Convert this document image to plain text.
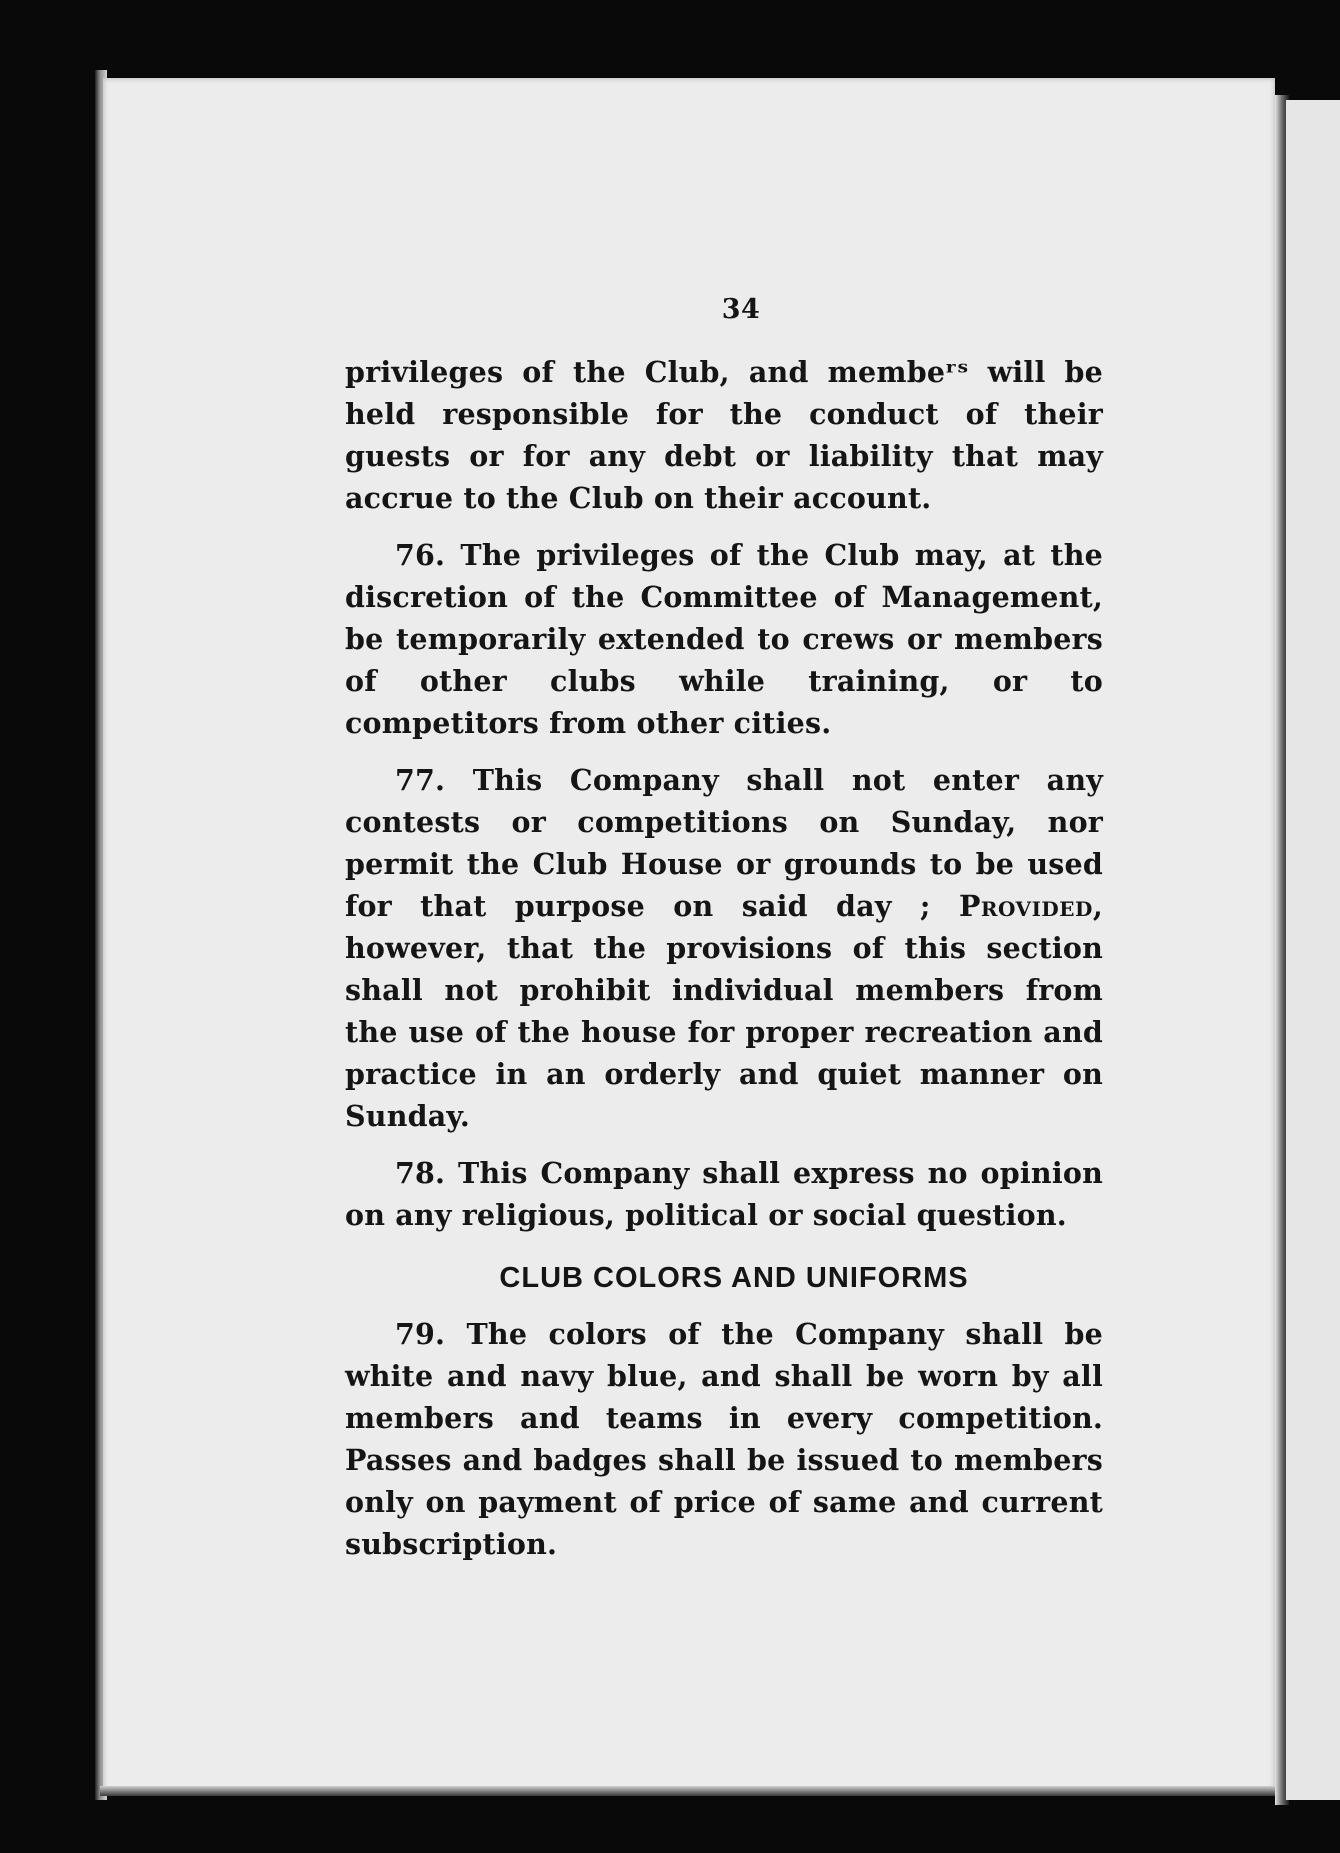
34

privileges of the Club, and membeʳˢ will be held responsible for the conduct of their guests or for any debt or liability that may accrue to the Club on their account.

76. The privileges of the Club may, at the discretion of the Committee of Management, be temporarily extended to crews or members of other clubs while training, or to competitors from other cities.

77. This Company shall not enter any contests or competitions on Sunday, nor permit the Club House or grounds to be used for that purpose on said day ; Provided, however, that the provisions of this section shall not prohibit individual members from the use of the house for proper recreation and practice in an orderly and quiet manner on Sunday.

78. This Company shall express no opinion on any religious, political or social question.

CLUB COLORS AND UNIFORMS

79. The colors of the Company shall be white and navy blue, and shall be worn by all members and teams in every competition. Passes and badges shall be issued to members only on payment of price of same and current subscription.
